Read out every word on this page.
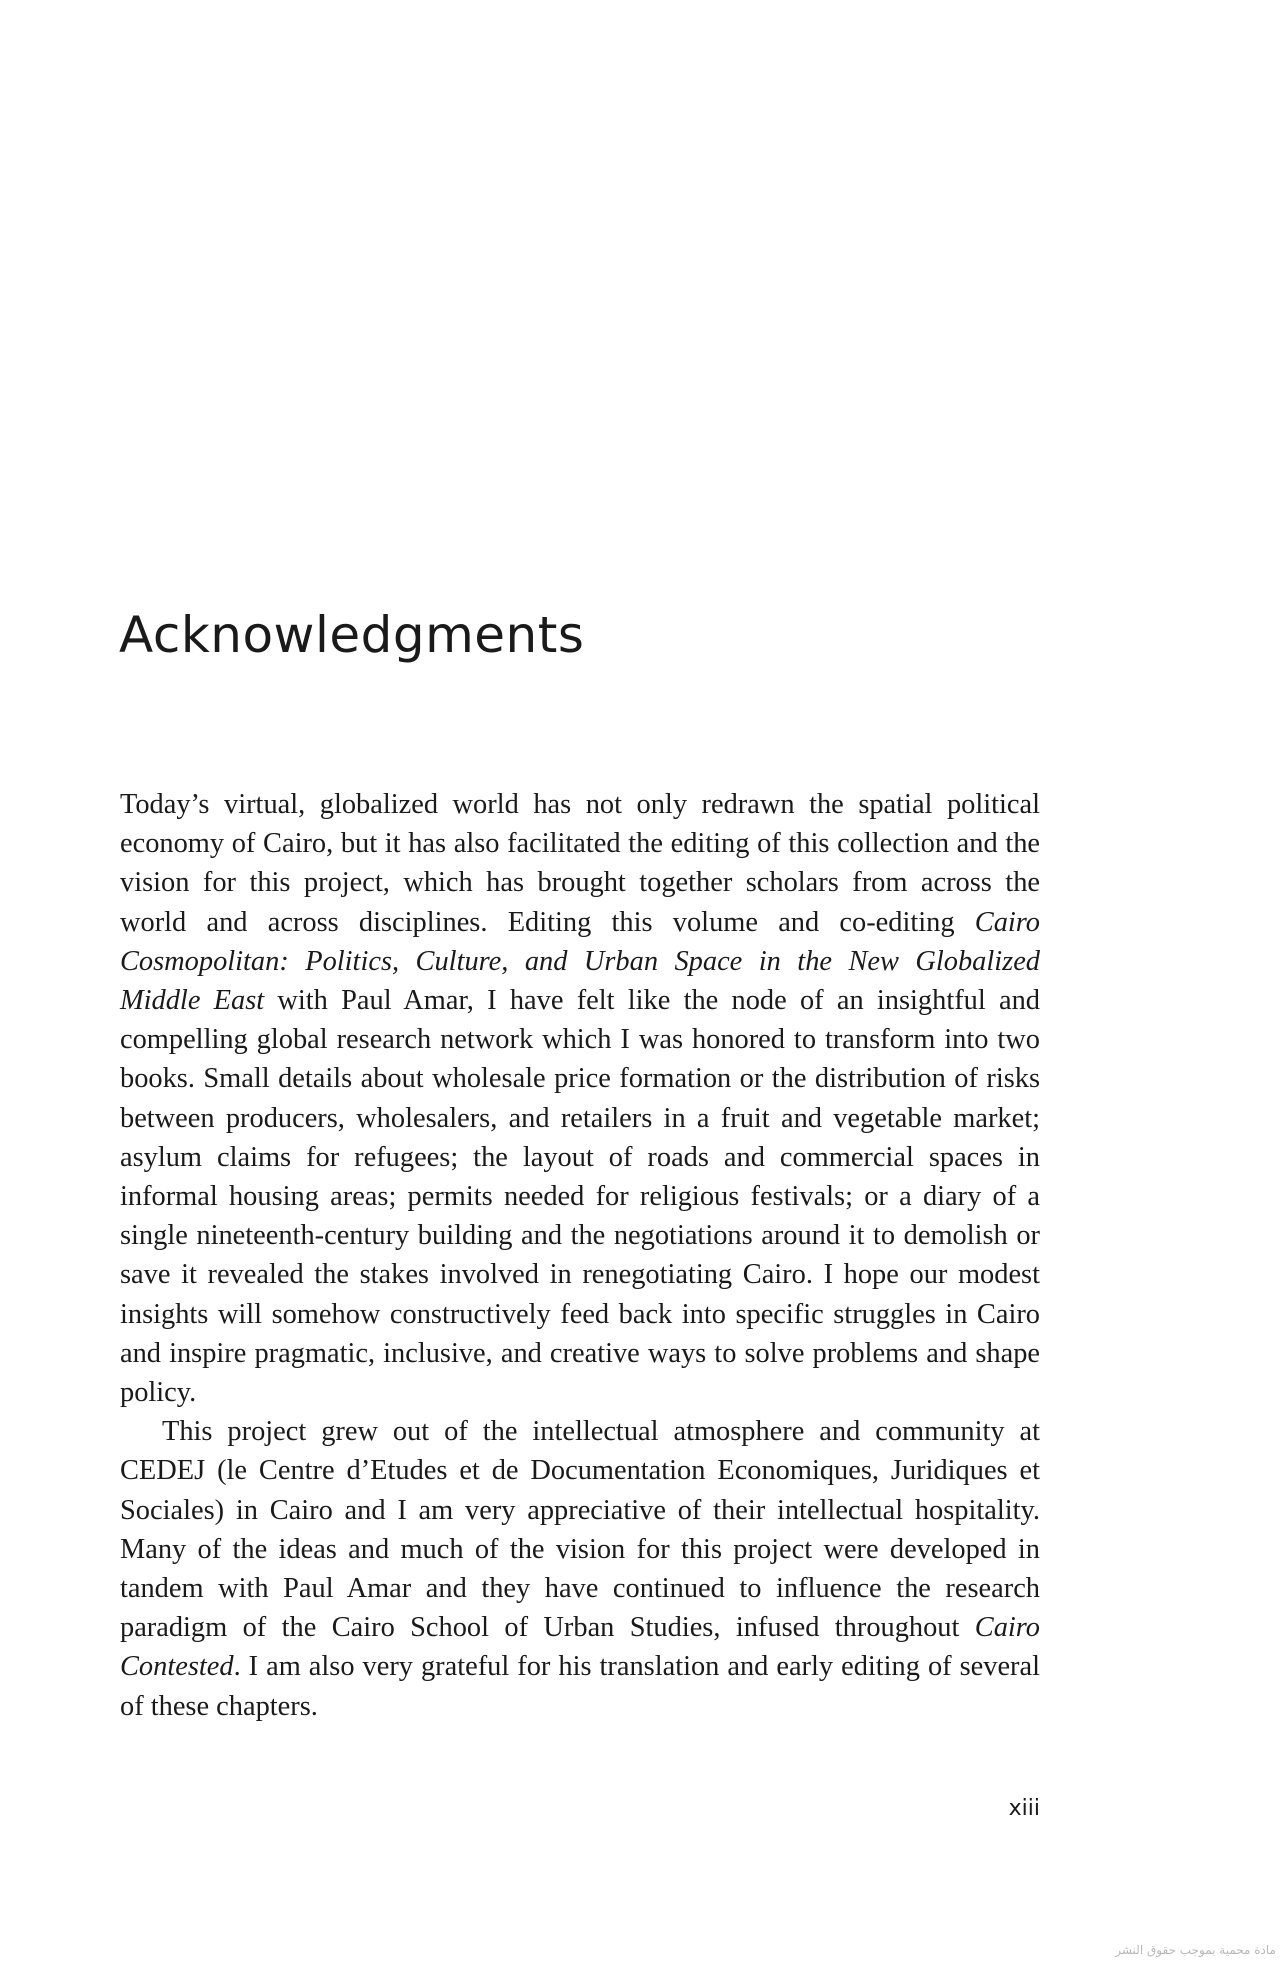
Acknowledgments

Today’s virtual, globalized world has not only redrawn the spatial political economy of Cairo, but it has also facilitated the editing of this collection and the vision for this project, which has brought together scholars from across the world and across disciplines. Editing this volume and co-editing Cairo Cosmopolitan: Politics, Culture, and Urban Space in the New Globalized Middle East with Paul Amar, I have felt like the node of an insightful and compelling global research network which I was honored to transform into two books. Small details about wholesale price formation or the distribution of risks between producers, wholesalers, and retailers in a fruit and vegetable market; asylum claims for refugees; the layout of roads and commercial spaces in informal housing areas; permits needed for religious festivals; or a diary of a single nineteenth-century building and the negotiations around it to demolish or save it revealed the stakes involved in renegotiating Cairo. I hope our modest insights will somehow constructively feed back into specific struggles in Cairo and inspire pragmatic, inclusive, and creative ways to solve problems and shape policy.

This project grew out of the intellectual atmosphere and community at CEDEJ (le Centre d’Etudes et de Documentation Economiques, Juridiques et Sociales) in Cairo and I am very appreciative of their intellectual hospitality. Many of the ideas and much of the vision for this project were developed in tandem with Paul Amar and they have continued to influence the research paradigm of the Cairo School of Urban Studies, infused throughout Cairo Contested. I am also very grateful for his translation and early editing of several of these chapters.

xiii
مادة محمية بموجب حقوق النشر
